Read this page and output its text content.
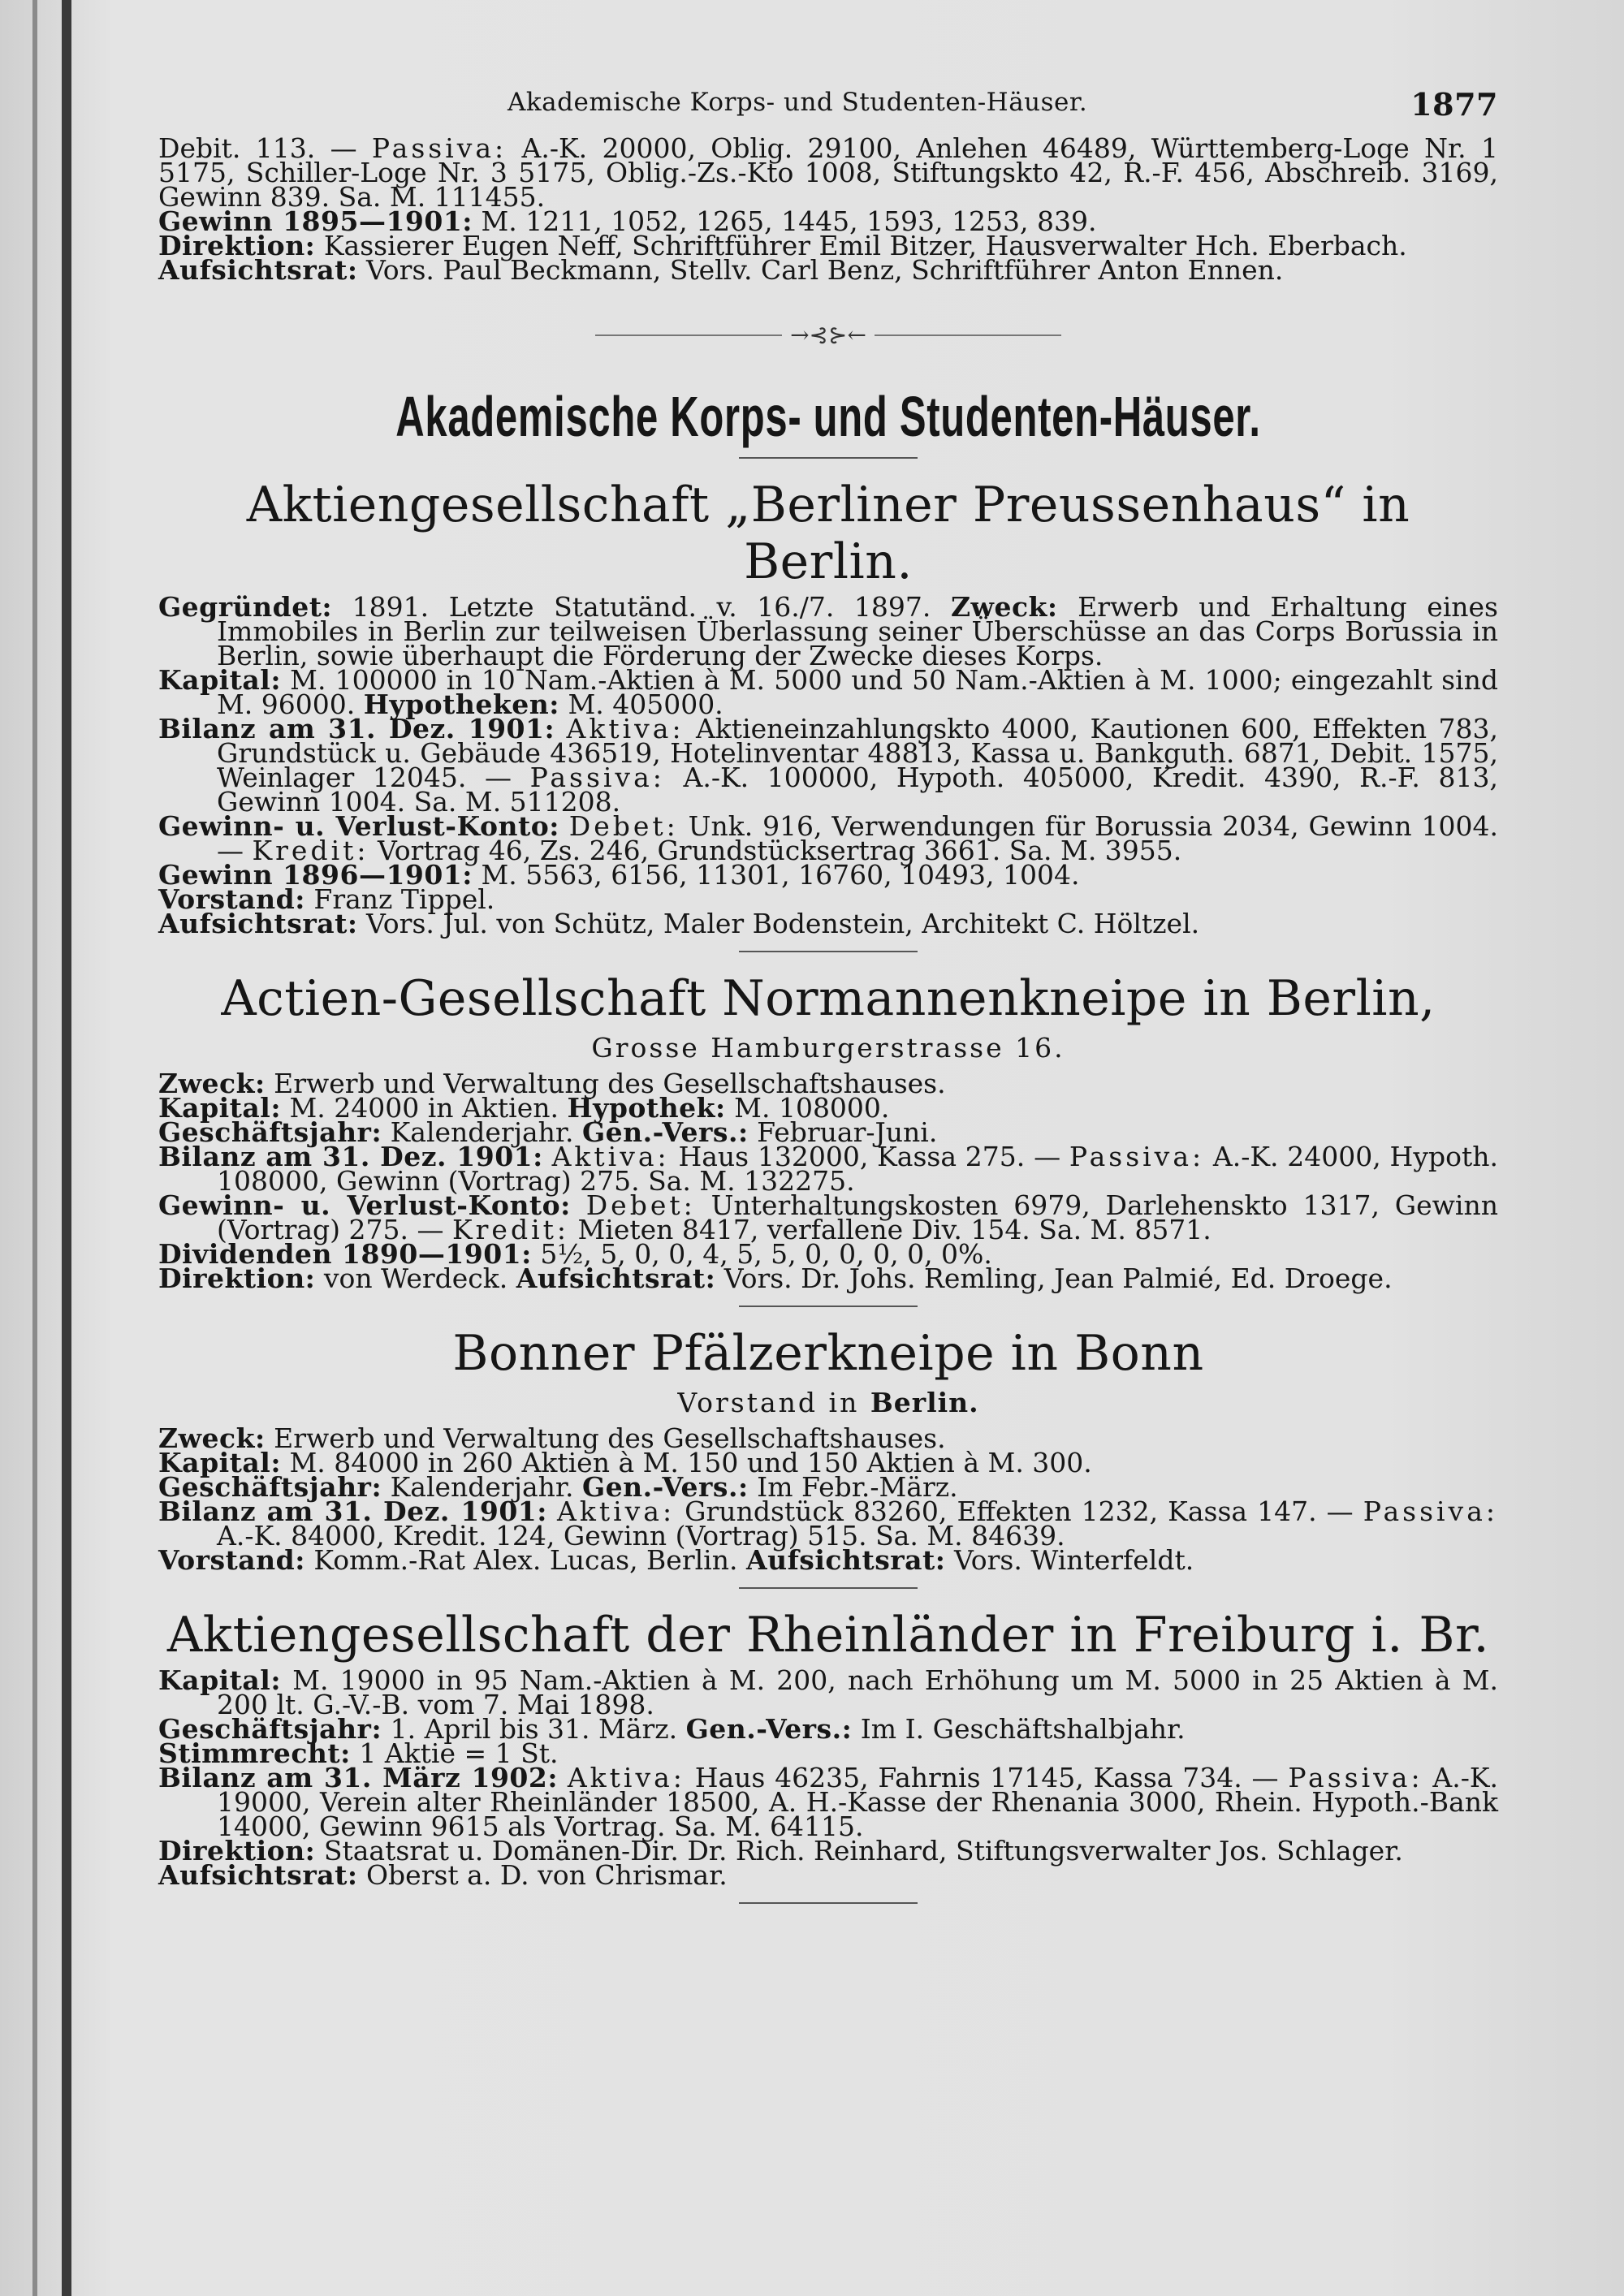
Akademische Korps- und Studenten-Häuser.	1877

Debit. 113. — Passiva: A.-K. 20000, Oblig. 29100, Anlehen 46489, Württemberg-Loge Nr. 1 5175, Schiller-Loge Nr. 3 5175, Oblig.-Zs.-Kto 1008, Stiftungskto 42, R.-F. 456, Abschreib. 3169, Gewinn 839. Sa. M. 111455.

Gewinn 1895—1901: M. 1211, 1052, 1265, 1445, 1593, 1253, 839.

Direktion: Kassierer Eugen Neff, Schriftführer Emil Bitzer, Hausverwalter Hch. Eberbach.

Aufsichtsrat: Vors. Paul Beckmann, Stellv. Carl Benz, Schriftführer Anton Ennen.

→⊰⊱←
Akademische Korps- und Studenten-Häuser.
Aktiengesellschaft „Berliner Preussenhaus“ in Berlin.

Gegründet: 1891. Letzte Statutänd. v. 16./7. 1897. Zweck: Erwerb und Erhaltung eines Immobiles in Berlin zur teilweisen Überlassung seiner Überschüsse an das Corps Borussia in Berlin, sowie überhaupt die Förderung der Zwecke dieses Korps.

Kapital: M. 100000 in 10 Nam.-Aktien à M. 5000 und 50 Nam.-Aktien à M. 1000; eingezahlt sind M. 96000. Hypotheken: M. 405000.

Bilanz am 31. Dez. 1901: Aktiva: Aktieneinzahlungskto 4000, Kautionen 600, Effekten 783, Grundstück u. Gebäude 436519, Hotelinventar 48813, Kassa u. Bankguth. 6871, Debit. 1575, Weinlager 12045. — Passiva: A.-K. 100000, Hypoth. 405000, Kredit. 4390, R.-F. 813, Gewinn 1004. Sa. M. 511208.

Gewinn- u. Verlust-Konto: Debet: Unk. 916, Verwendungen für Borussia 2034, Gewinn 1004. — Kredit: Vortrag 46, Zs. 246, Grundstücksertrag 3661. Sa. M. 3955.

Gewinn 1896—1901: M. 5563, 6156, 11301, 16760, 10493, 1004.

Vorstand: Franz Tippel.

Aufsichtsrat: Vors. Jul. von Schütz, Maler Bodenstein, Architekt C. Höltzel.

Actien-Gesellschaft Normannenkneipe in Berlin,
Grosse Hamburgerstrasse 16.

Zweck: Erwerb und Verwaltung des Gesellschaftshauses.

Kapital: M. 24000 in Aktien. Hypothek: M. 108000.

Geschäftsjahr: Kalenderjahr. Gen.-Vers.: Februar-Juni.

Bilanz am 31. Dez. 1901: Aktiva: Haus 132000, Kassa 275. — Passiva: A.-K. 24000, Hypoth. 108000, Gewinn (Vortrag) 275. Sa. M. 132275.

Gewinn- u. Verlust-Konto: Debet: Unterhaltungskosten 6979, Darlehenskto 1317, Gewinn (Vortrag) 275. — Kredit: Mieten 8417, verfallene Div. 154. Sa. M. 8571.

Dividenden 1890—1901: 5½, 5, 0, 0, 4, 5, 5, 0, 0, 0, 0, 0%.

Direktion: von Werdeck. Aufsichtsrat: Vors. Dr. Johs. Remling, Jean Palmié, Ed. Droege.

Bonner Pfälzerkneipe in Bonn
Vorstand in Berlin.

Zweck: Erwerb und Verwaltung des Gesellschaftshauses.

Kapital: M. 84000 in 260 Aktien à M. 150 und 150 Aktien à M. 300.

Geschäftsjahr: Kalenderjahr. Gen.-Vers.: Im Febr.-März.

Bilanz am 31. Dez. 1901: Aktiva: Grundstück 83260, Effekten 1232, Kassa 147. — Passiva: A.-K. 84000, Kredit. 124, Gewinn (Vortrag) 515. Sa. M. 84639.

Vorstand: Komm.-Rat Alex. Lucas, Berlin. Aufsichtsrat: Vors. Winterfeldt.

Aktiengesellschaft der Rheinländer in Freiburg i. Br.

Kapital: M. 19000 in 95 Nam.-Aktien à M. 200, nach Erhöhung um M. 5000 in 25 Aktien à M. 200 lt. G.-V.-B. vom 7. Mai 1898.

Geschäftsjahr: 1. April bis 31. März. Gen.-Vers.: Im I. Geschäftshalbjahr.

Stimmrecht: 1 Aktie = 1 St.

Bilanz am 31. März 1902: Aktiva: Haus 46235, Fahrnis 17145, Kassa 734. — Passiva: A.-K. 19000, Verein alter Rheinländer 18500, A. H.-Kasse der Rhenania 3000, Rhein. Hypoth.-Bank 14000, Gewinn 9615 als Vortrag. Sa. M. 64115.

Direktion: Staatsrat u. Domänen-Dir. Dr. Rich. Reinhard, Stiftungsverwalter Jos. Schlager.

Aufsichtsrat: Oberst a. D. von Chrismar.
